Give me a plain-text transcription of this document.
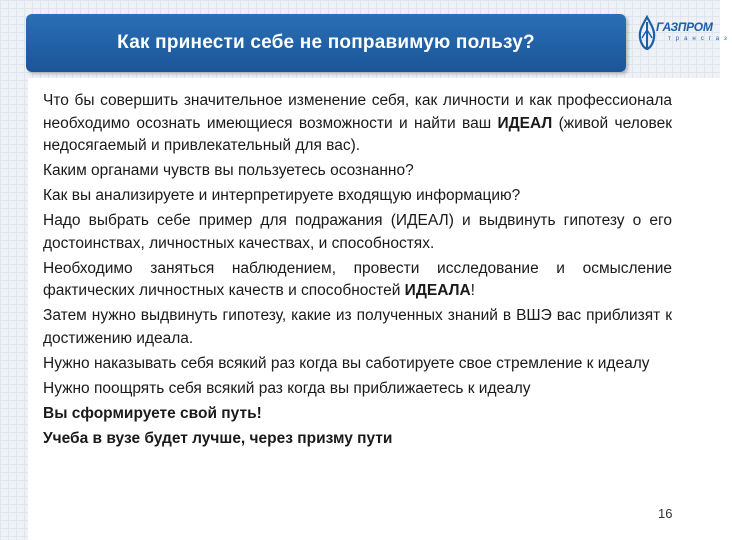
Как принести себе не поправимую пользу?
ГАЗПРОМ
трансгаз

Что бы совершить значительное изменение себя, как личности и как профессионала необходимо осознать имеющиеся возможности и найти ваш ИДЕАЛ (живой человек недосягаемый и привлекательный для вас).

Каким органами чувств вы пользуетесь осознанно?

Как вы анализируете и интерпретируете входящую информацию?

Надо выбрать себе пример для подражания (ИДЕАЛ) и выдвинуть гипотезу о его достоинствах, личностных качествах, и способностях.

Необходимо заняться наблюдением, провести исследование и осмысление фактических личностных качеств и способностей ИДЕАЛА!

Затем нужно выдвинуть гипотезу, какие из полученных знаний в ВШЭ вас приблизят к достижению идеала.

Нужно наказывать себя всякий раз когда вы саботируете свое стремление к идеалу

Нужно поощрять себя всякий раз когда вы приближаетесь к идеалу

Вы сформируете свой путь!

Учеба в вузе будет лучше, через призму пути

16
